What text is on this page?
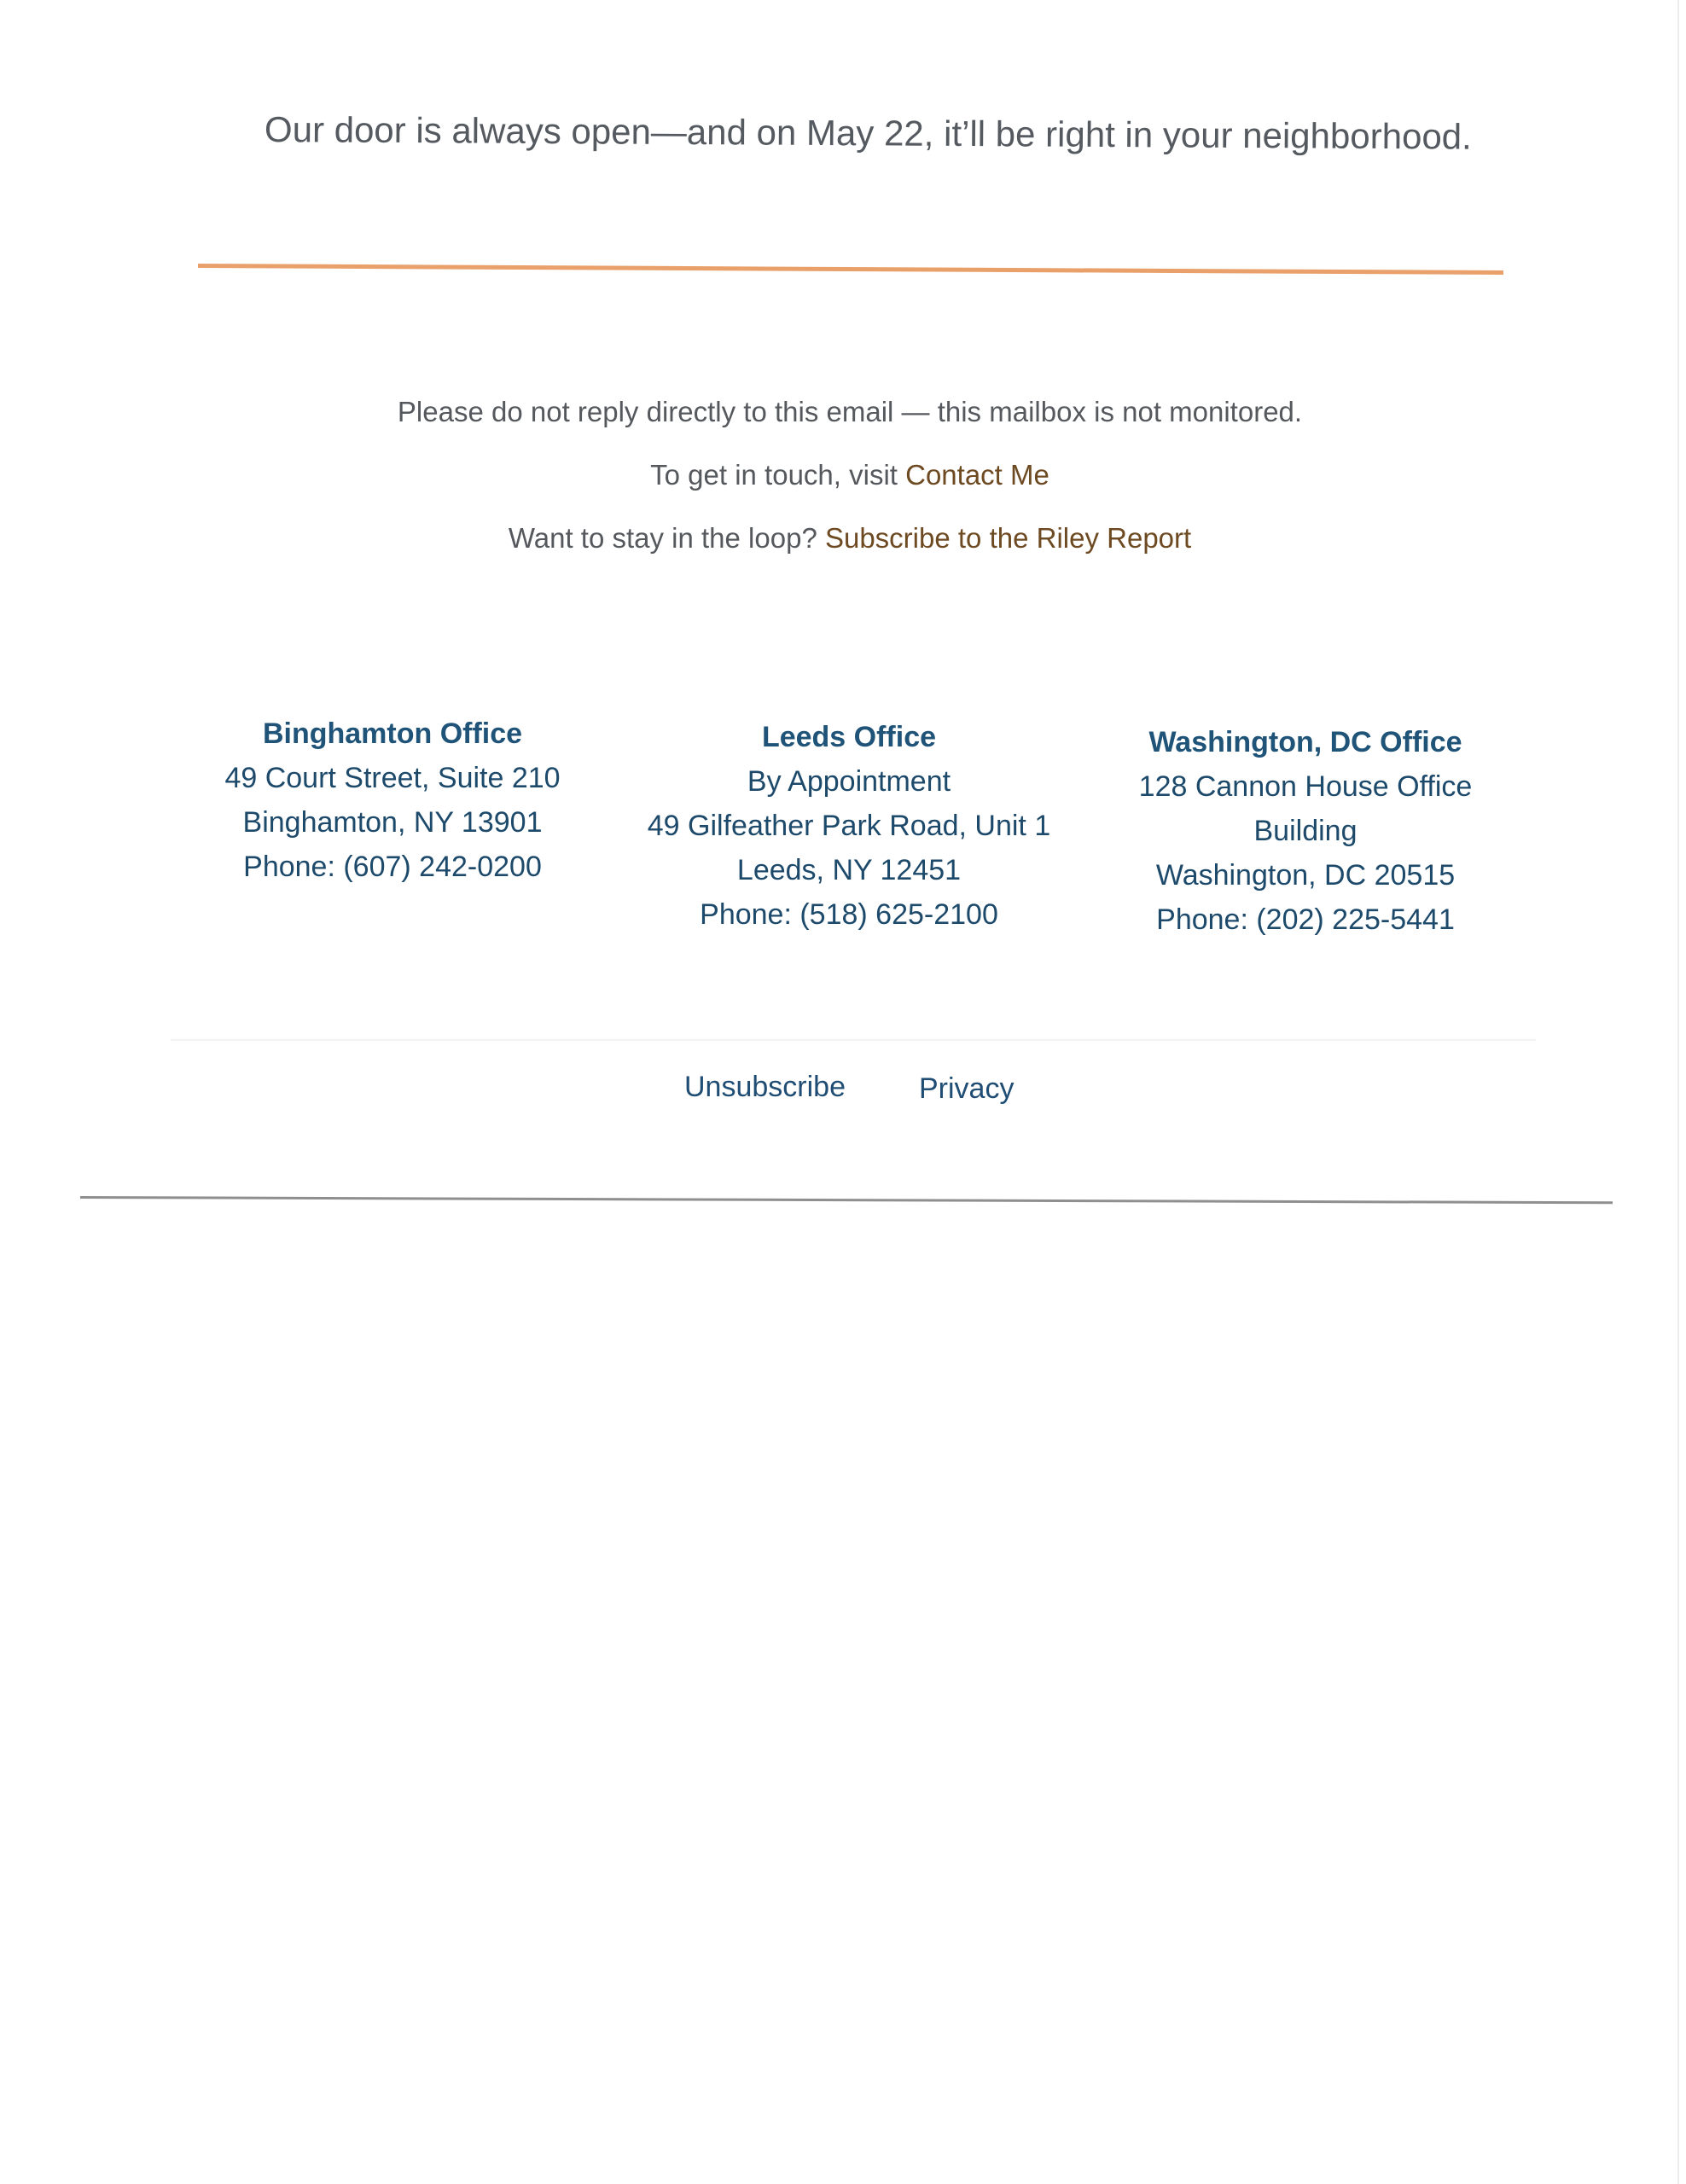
Our door is always open—and on May 22, it’ll be right in your neighborhood.
Please do not reply directly to this email — this mailbox is not monitored.
To get in touch, visit Contact Me
Want to stay in the loop? Subscribe to the Riley Report
Binghamton Office
49 Court Street, Suite 210
Binghamton, NY 13901
Phone: (607) 242-0200
Leeds Office
By Appointment
49 Gilfeather Park Road, Unit 1
Leeds, NY 12451
Phone: (518) 625-2100
Washington, DC Office
128 Cannon House Office
Building
Washington, DC 20515
Phone: (202) 225-5441
Unsubscribe	Privacy
